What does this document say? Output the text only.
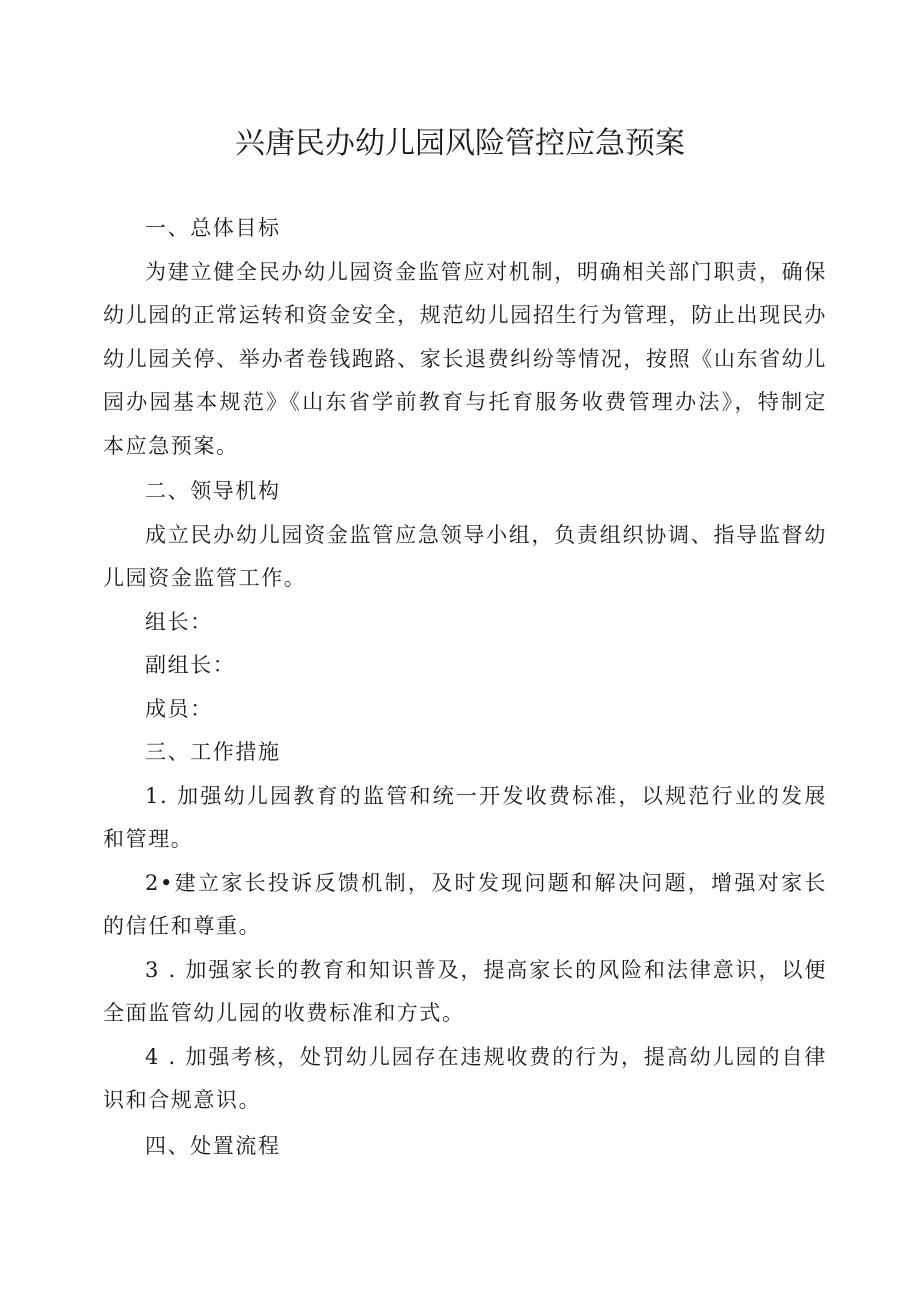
兴唐民办幼儿园风险管控应急预案

一、总体目标

为建立健全民办幼儿园资金监管应对机制，明确相关部门职责，确保幼儿园的正常运转和资金安全，规范幼儿园招生行为管理，防止出现民办幼儿园关停、举办者卷钱跑路、家长退费纠纷等情况，按照《山东省幼儿园办园基本规范》《山东省学前教育与托育服务收费管理办法》，特制定本应急预案。

二、领导机构

成立民办幼儿园资金监管应急领导小组，负责组织协调、指导监督幼儿园资金监管工作。

组长：

副组长：

成员：

三、工作措施

1. 加强幼儿园教育的监管和统一开发收费标准，以规范行业的发展和管理。

2•建立家长投诉反馈机制，及时发现问题和解决问题，增强对家长的信任和尊重。

3 . 加强家长的教育和知识普及，提高家长的风险和法律意识，以便全面监管幼儿园的收费标准和方式。

4 . 加强考核，处罚幼儿园存在违规收费的行为，提高幼儿园的自律识和合规意识。

四、处置流程
